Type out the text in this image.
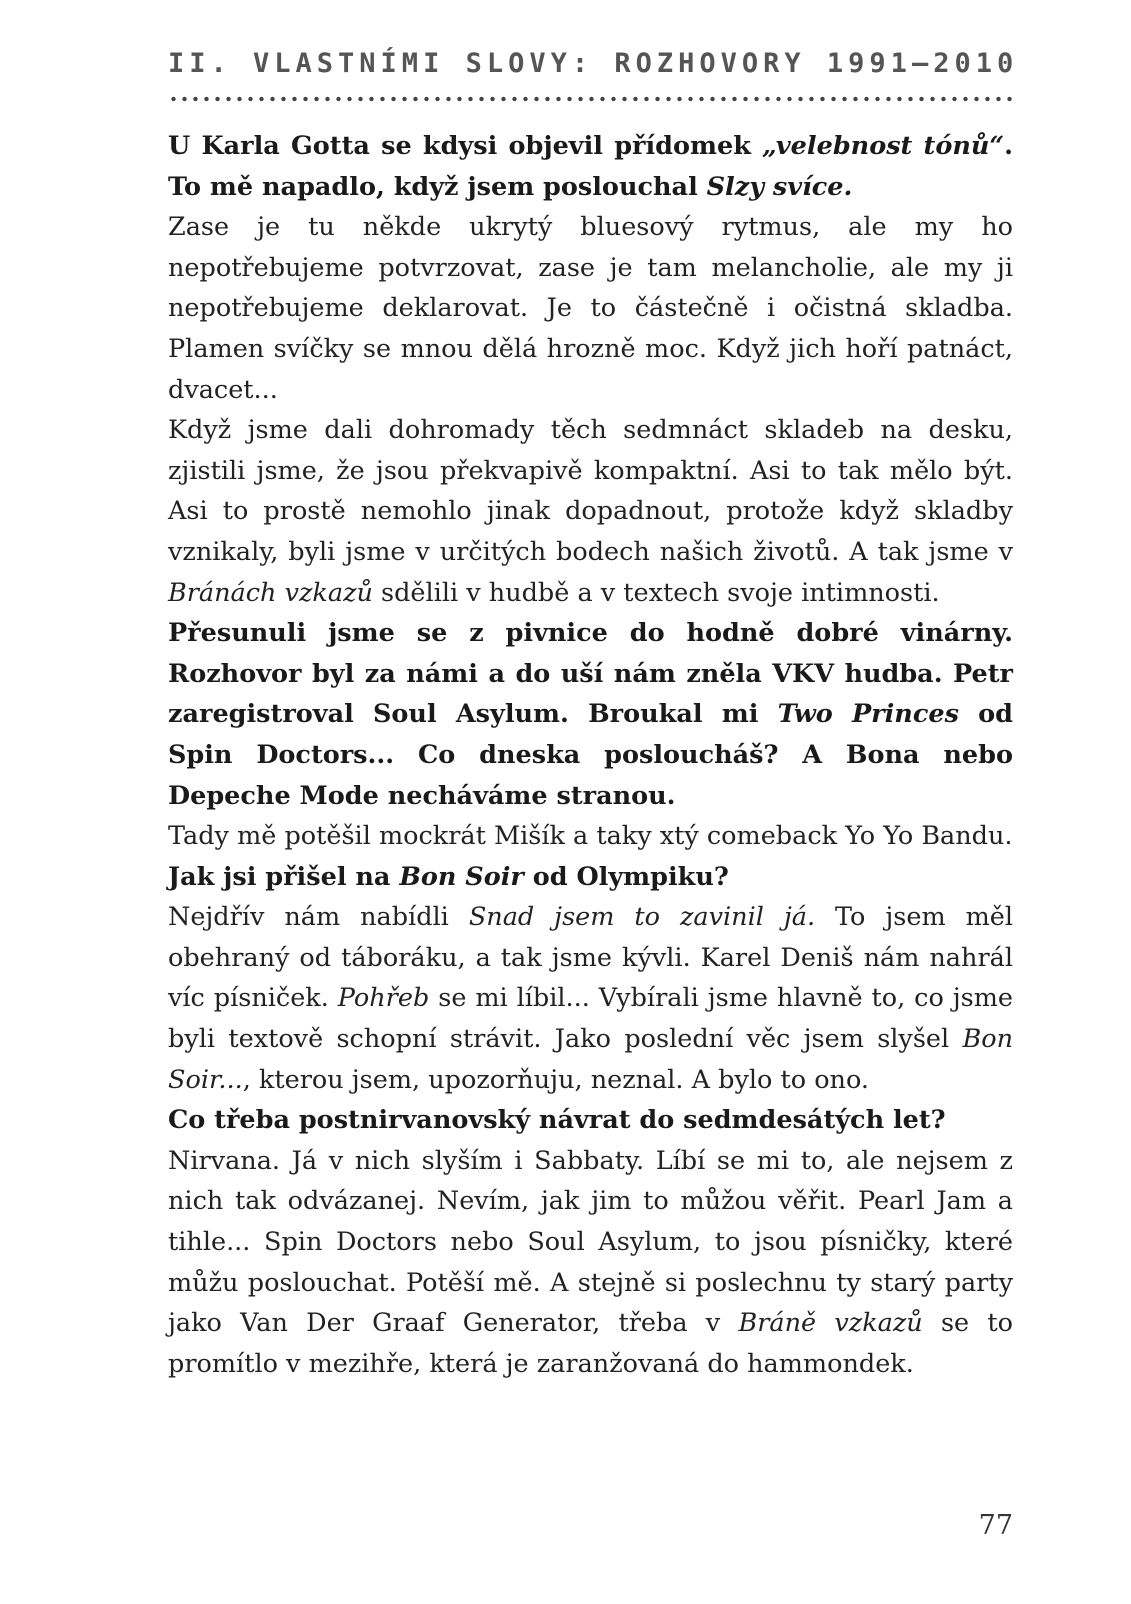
II. VLASTNÍMI SLOVY: ROZHOVORY 1991–2010

U Karla Gotta se kdysi objevil přídomek „velebnost tónů“. To mě napadlo, když jsem poslouchal Slzy svíce.

Zase je tu někde ukrytý bluesový rytmus, ale my ho nepotřebujeme potvrzovat, zase je tam melancholie, ale my ji nepotřebujeme deklarovat. Je to částečně i očistná skladba. Plamen svíčky se mnou dělá hrozně moc. Když jich hoří patnáct, dvacet...

Když jsme dali dohromady těch sedmnáct skladeb na desku, zjistili jsme, že jsou překvapivě kompaktní. Asi to tak mělo být. Asi to prostě nemohlo jinak dopadnout, protože když skladby vznikaly, byli jsme v určitých bodech našich životů. A tak jsme v Bránách vzkazů sdělili v hudbě a v textech svoje intimnosti.

Přesunuli jsme se z pivnice do hodně dobré vinárny. Rozhovor byl za námi a do uší nám zněla VKV hudba. Petr zaregistroval Soul Asylum. Broukal mi Two Princes od Spin Doctors... Co dneska posloucháš? A Bona nebo Depeche Mode necháváme stranou.

Tady mě potěšil mockrát Mišík a taky xtý comeback Yo Yo Bandu.

Jak jsi přišel na Bon Soir od Olympiku?

Nejdřív nám nabídli Snad jsem to zavinil já. To jsem měl obehraný od táboráku, a tak jsme kývli. Karel Deniš nám nahrál víc písniček. Pohřeb se mi líbil... Vybírali jsme hlavně to, co jsme byli textově schopní strávit. Jako poslední věc jsem slyšel Bon Soir..., kterou jsem, upozorňuju, neznal. A bylo to ono.

Co třeba postnirvanovský návrat do sedmdesátých let?

Nirvana. Já v nich slyším i Sabbaty. Líbí se mi to, ale nejsem z nich tak odvázanej. Nevím, jak jim to můžou věřit. Pearl Jam a tihle... Spin Doctors nebo Soul Asylum, to jsou písničky, které můžu poslouchat. Potěší mě. A stejně si poslechnu ty starý party jako Van Der Graaf Generator, třeba v Bráně vzkazů se to promítlo v mezihře, která je zaranžovaná do hammondek.

77
